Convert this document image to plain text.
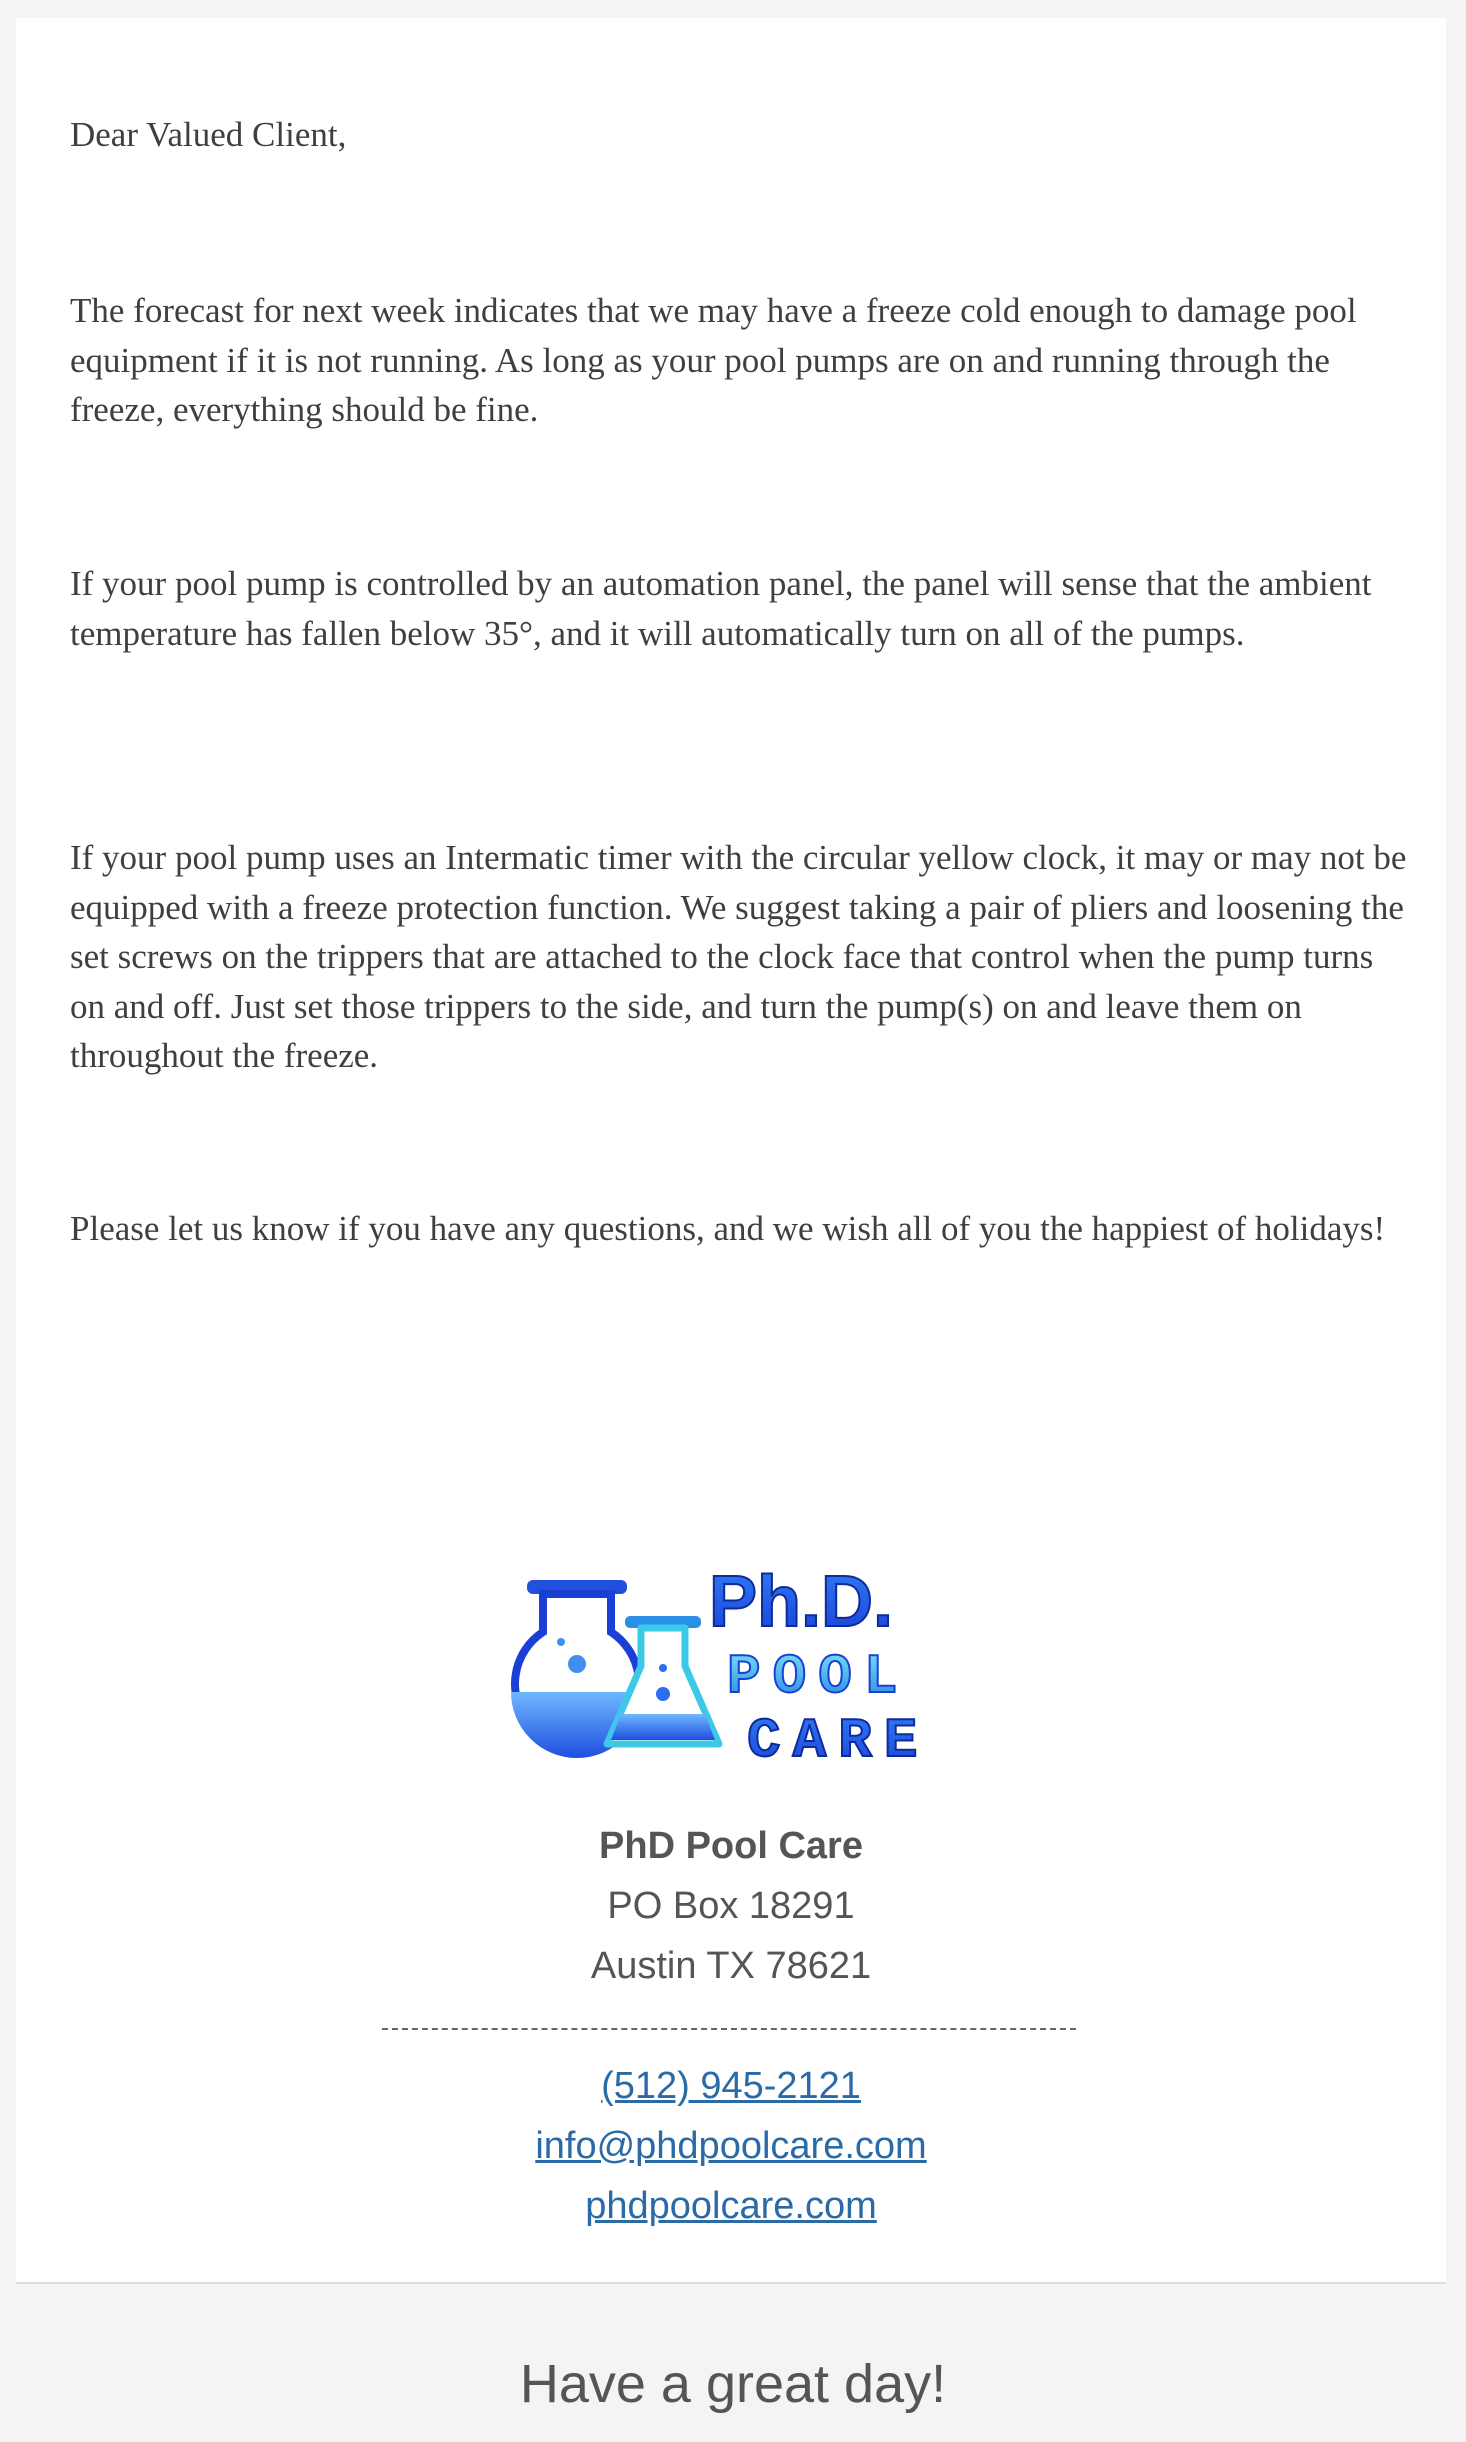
Dear Valued Client,

The forecast for next week indicates that we may have a freeze cold enough to damage pool equipment if it is not running. As long as your pool pumps are on and running through the freeze, everything should be fine.

If your pool pump is controlled by an automation panel, the panel will sense that the ambient temperature has fallen below 35°, and it will automatically turn on all of the pumps.

If your pool pump uses an Intermatic timer with the circular yellow clock, it may or may not be equipped with a freeze protection function. We suggest taking a pair of pliers and loosening the set screws on the trippers that are attached to the clock face that control when the pump turns on and off. Just set those trippers to the side, and turn the pump(s) on and leave them on throughout the freeze.

Please let us know if you have any questions, and we wish all of you the happiest of holidays!

Ph.D.
POOL
CARE
PhD Pool Care
PO Box 18291
Austin TX 78621
(512) 945-2121
info@phdpoolcare.com
phdpoolcare.com
Have a great day!
